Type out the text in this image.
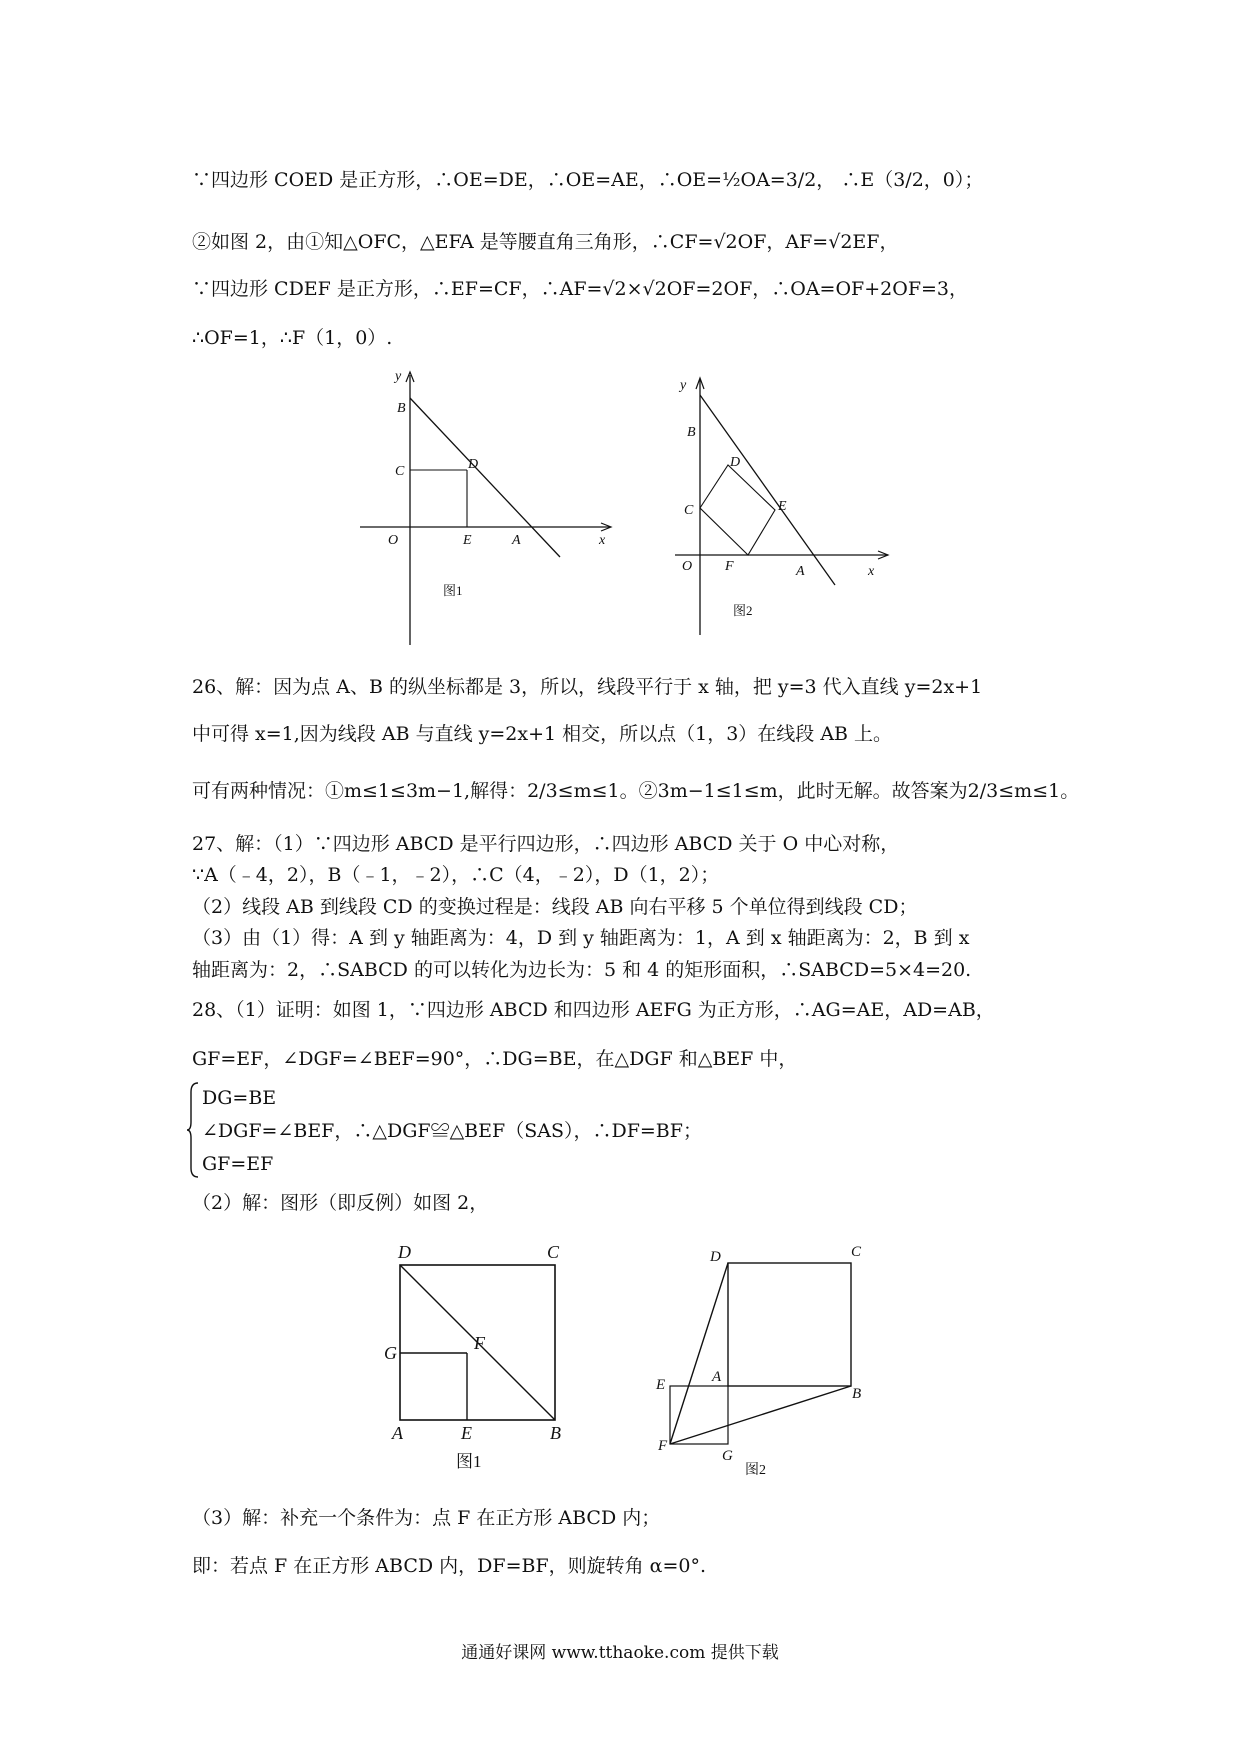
∵四边形 COED 是正方形，∴OE=DE，∴OE=AE，∴OE=½OA=3/2， ∴E（3/2，0）；
②如图 2，由①知△OFC，△EFA 是等腰直角三角形，∴CF=√2OF，AF=√2EF，
∵四边形 CDEF 是正方形，∴EF=CF，∴AF=√2×√2OF=2OF，∴OA=OF+2OF=3，
∴OF=1，∴F（1，0）.
y
B
C	D
O	E	A	x
图1
y
B
D
C	E
O F	A	x
图2
26、解：因为点 A、B 的纵坐标都是 3，所以，线段平行于 x 轴，把 y=3 代入直线 y=2x+1
中可得 x=1,因为线段 AB 与直线 y=2x+1 相交，所以点（1，3）在线段 AB 上。
可有两种情况：①m≤1≤3m−1,解得：2/3≤m≤1。②3m−1≤1≤m，此时无解。故答案为2/3≤m≤1。
27、解：（1）∵四边形 ABCD 是平行四边形，∴四边形 ABCD 关于 O 中心对称，
∵A（﹣4，2），B（﹣1，﹣2），∴C（4，﹣2），D（1，2）；
（2）线段 AB 到线段 CD 的变换过程是：线段 AB 向右平移 5 个单位得到线段 CD；
（3）由（1）得：A 到 y 轴距离为：4，D 到 y 轴距离为：1，A 到 x 轴距离为：2，B 到 x
轴距离为：2，∴SABCD 的可以转化为边长为：5 和 4 的矩形面积，∴SABCD=5×4=20.
28、（1）证明：如图 1，∵四边形 ABCD 和四边形 AEFG 为正方形，∴AG=AE，AD=AB，
GF=EF，∠DGF=∠BEF=90°，∴DG=BE，在△DGF 和△BEF 中，
DG=BE
∠DGF=∠BEF，∴△DGF≌△BEF（SAS），∴DF=BF；
GF=EF
（2）解：图形（即反例）如图 2，
D	C
G	F
A	E	B
图1
D	C
E	A
B
F
G
图2
（3）解：补充一个条件为：点 F 在正方形 ABCD 内；
即：若点 F 在正方形 ABCD 内，DF=BF，则旋转角 α=0°.
通通好课网 www.tthaoke.com 提供下载
